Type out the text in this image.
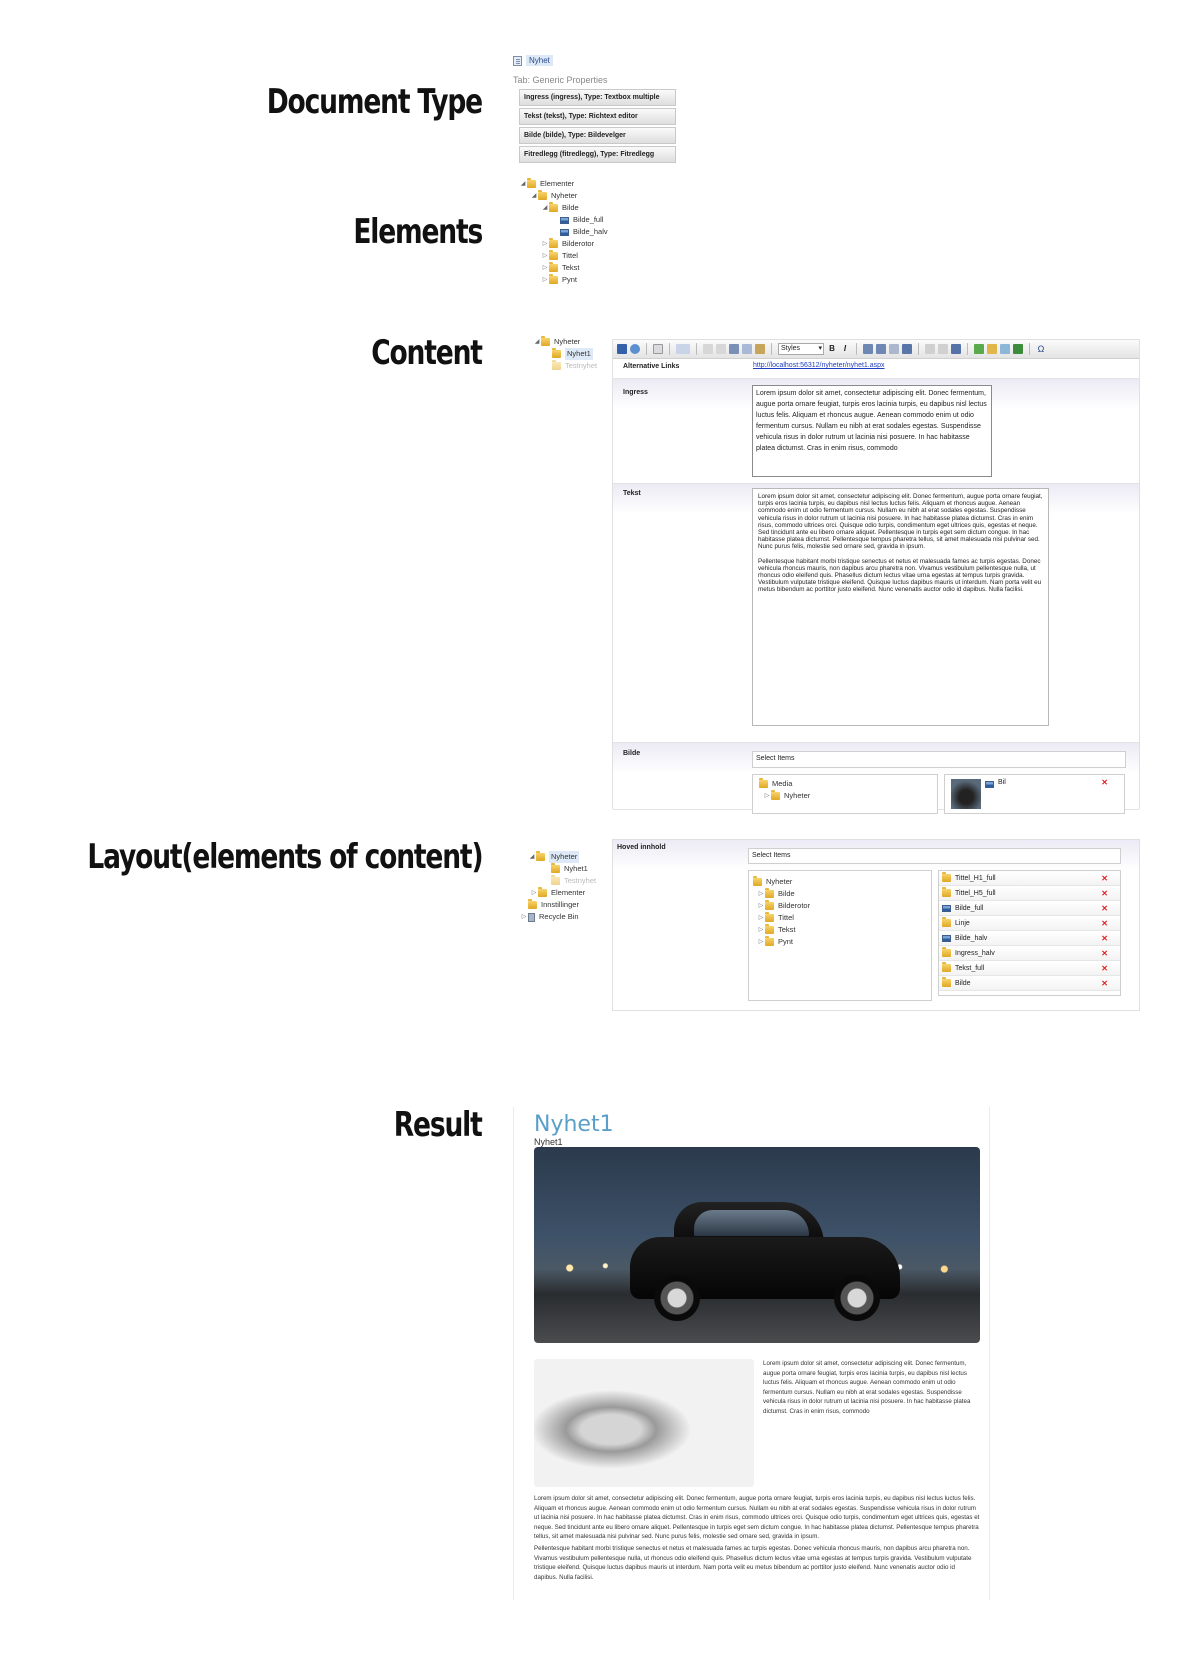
Document Type
Elements
Content
Layout(elements of content)
Result
Nyhet
Tab: Generic Properties
Ingress (ingress), Type: Textbox multiple
Tekst (tekst), Type: Richtext editor
Bilde (bilde), Type: Bildevelger
Fitredlegg (fitredlegg), Type: Fitredlegg
◢ Elementer
◢ Nyheter
◢ Bilde
Bilde_full
Bilde_halv
▷ Bilderotor
▷ Tittel
▷ Tekst
▷ Pynt
◢ Nyheter
Nyhet1
Testnyhet
Styles ▾	B	I	Ω
Alternative Links	http://localhost:56312/nyheter/nyhet1.aspx
Ingress	Lorem ipsum dolor sit amet, consectetur adipiscing elit. Donec fermentum, augue porta ornare feugiat, turpis eros lacinia turpis, eu dapibus nisl lectus luctus felis. Aliquam et rhoncus augue. Aenean commodo enim ut odio fermentum cursus. Nullam eu nibh at erat sodales egestas. Suspendisse vehicula risus in dolor rutrum ut lacinia nisi posuere. In hac habitasse platea dictumst. Cras in enim risus, commodo
Tekst	Lorem ipsum dolor sit amet, consectetur adipiscing elit. Donec fermentum, augue porta ornare feugiat, turpis eros lacinia turpis, eu dapibus nisl lectus luctus felis. Aliquam et rhoncus augue. Aenean commodo enim ut odio fermentum cursus. Nullam eu nibh at erat sodales egestas. Suspendisse vehicula risus in dolor rutrum ut lacinia nisi posuere. In hac habitasse platea dictumst. Cras in enim risus, commodo ultrices orci. Quisque odio turpis, condimentum eget ultrices quis, egestas et neque. Sed tincidunt ante eu libero ornare aliquet. Pellentesque in turpis eget sem dictum congue. In hac habitasse platea dictumst. Pellentesque tempus pharetra tellus, sit amet malesuada nisi pulvinar sed. Nunc purus felis, molestie sed ornare sed, gravida in ipsum.

Pellentesque habitant morbi tristique senectus et netus et malesuada fames ac turpis egestas. Donec vehicula rhoncus mauris, non dapibus arcu pharetra non. Vivamus vestibulum pellentesque nulla, ut rhoncus odio eleifend quis. Phasellus dictum lectus vitae urna egestas at tempus turpis gravida. Vestibulum vulputate tristique eleifend. Quisque luctus dapibus mauris ut interdum. Nam porta velit eu metus bibendum ac porttitor justo eleifend. Nunc venenatis auctor odio id dapibus. Nulla facilisi.

Bilde
Select Items
Media
▷ Nyheter
Bil	✕
◢ Nyheter
Nyhet1
Testnyhet
▷ Elementer
Innstillinger
▷ Recycle Bin
Hoved innhold
Select Items
Nyheter
▷ Bilde
▷ Bilderotor
▷ Tittel
▷ Tekst
▷ Pynt
Tittel_H1_full	✕
Tittel_H5_full	✕
Bilde_full	✕
Linje	✕
Bilde_halv	✕
Ingress_halv	✕
Tekst_full	✕
Bilde	✕
Nyhet1
Nyhet1
Lorem ipsum dolor sit amet, consectetur adipiscing elit. Donec fermentum, augue porta ornare feugiat, turpis eros lacinia turpis, eu dapibus nisl lectus luctus felis. Aliquam et rhoncus augue. Aenean commodo enim ut odio fermentum cursus. Nullam eu nibh at erat sodales egestas. Suspendisse vehicula risus in dolor rutrum ut lacinia nisi posuere. In hac habitasse platea dictumst. Cras in enim risus, commodo
Lorem ipsum dolor sit amet, consectetur adipiscing elit. Donec fermentum, augue porta ornare feugiat, turpis eros lacinia turpis, eu dapibus nisl lectus luctus felis. Aliquam et rhoncus augue. Aenean commodo enim ut odio fermentum cursus. Nullam eu nibh at erat sodales egestas. Suspendisse vehicula risus in dolor rutrum ut lacinia nisi posuere. In hac habitasse platea dictumst. Cras in enim risus, commodo ultrices orci. Quisque odio turpis, condimentum eget ultrices quis, egestas et neque. Sed tincidunt ante eu libero ornare aliquet. Pellentesque in turpis eget sem dictum congue. In hac habitasse platea dictumst. Pellentesque tempus pharetra tellus, sit amet malesuada nisi pulvinar sed. Nunc purus felis, molestie sed ornare sed, gravida in ipsum.
Pellentesque habitant morbi tristique senectus et netus et malesuada fames ac turpis egestas. Donec vehicula rhoncus mauris, non dapibus arcu pharetra non. Vivamus vestibulum pellentesque nulla, ut rhoncus odio eleifend quis. Phasellus dictum lectus vitae urna egestas at tempus turpis gravida. Vestibulum vulputate tristique eleifend. Quisque luctus dapibus mauris ut interdum. Nam porta velit eu metus bibendum ac porttitor justo eleifend. Nunc venenatis auctor odio id dapibus. Nulla facilisi.
